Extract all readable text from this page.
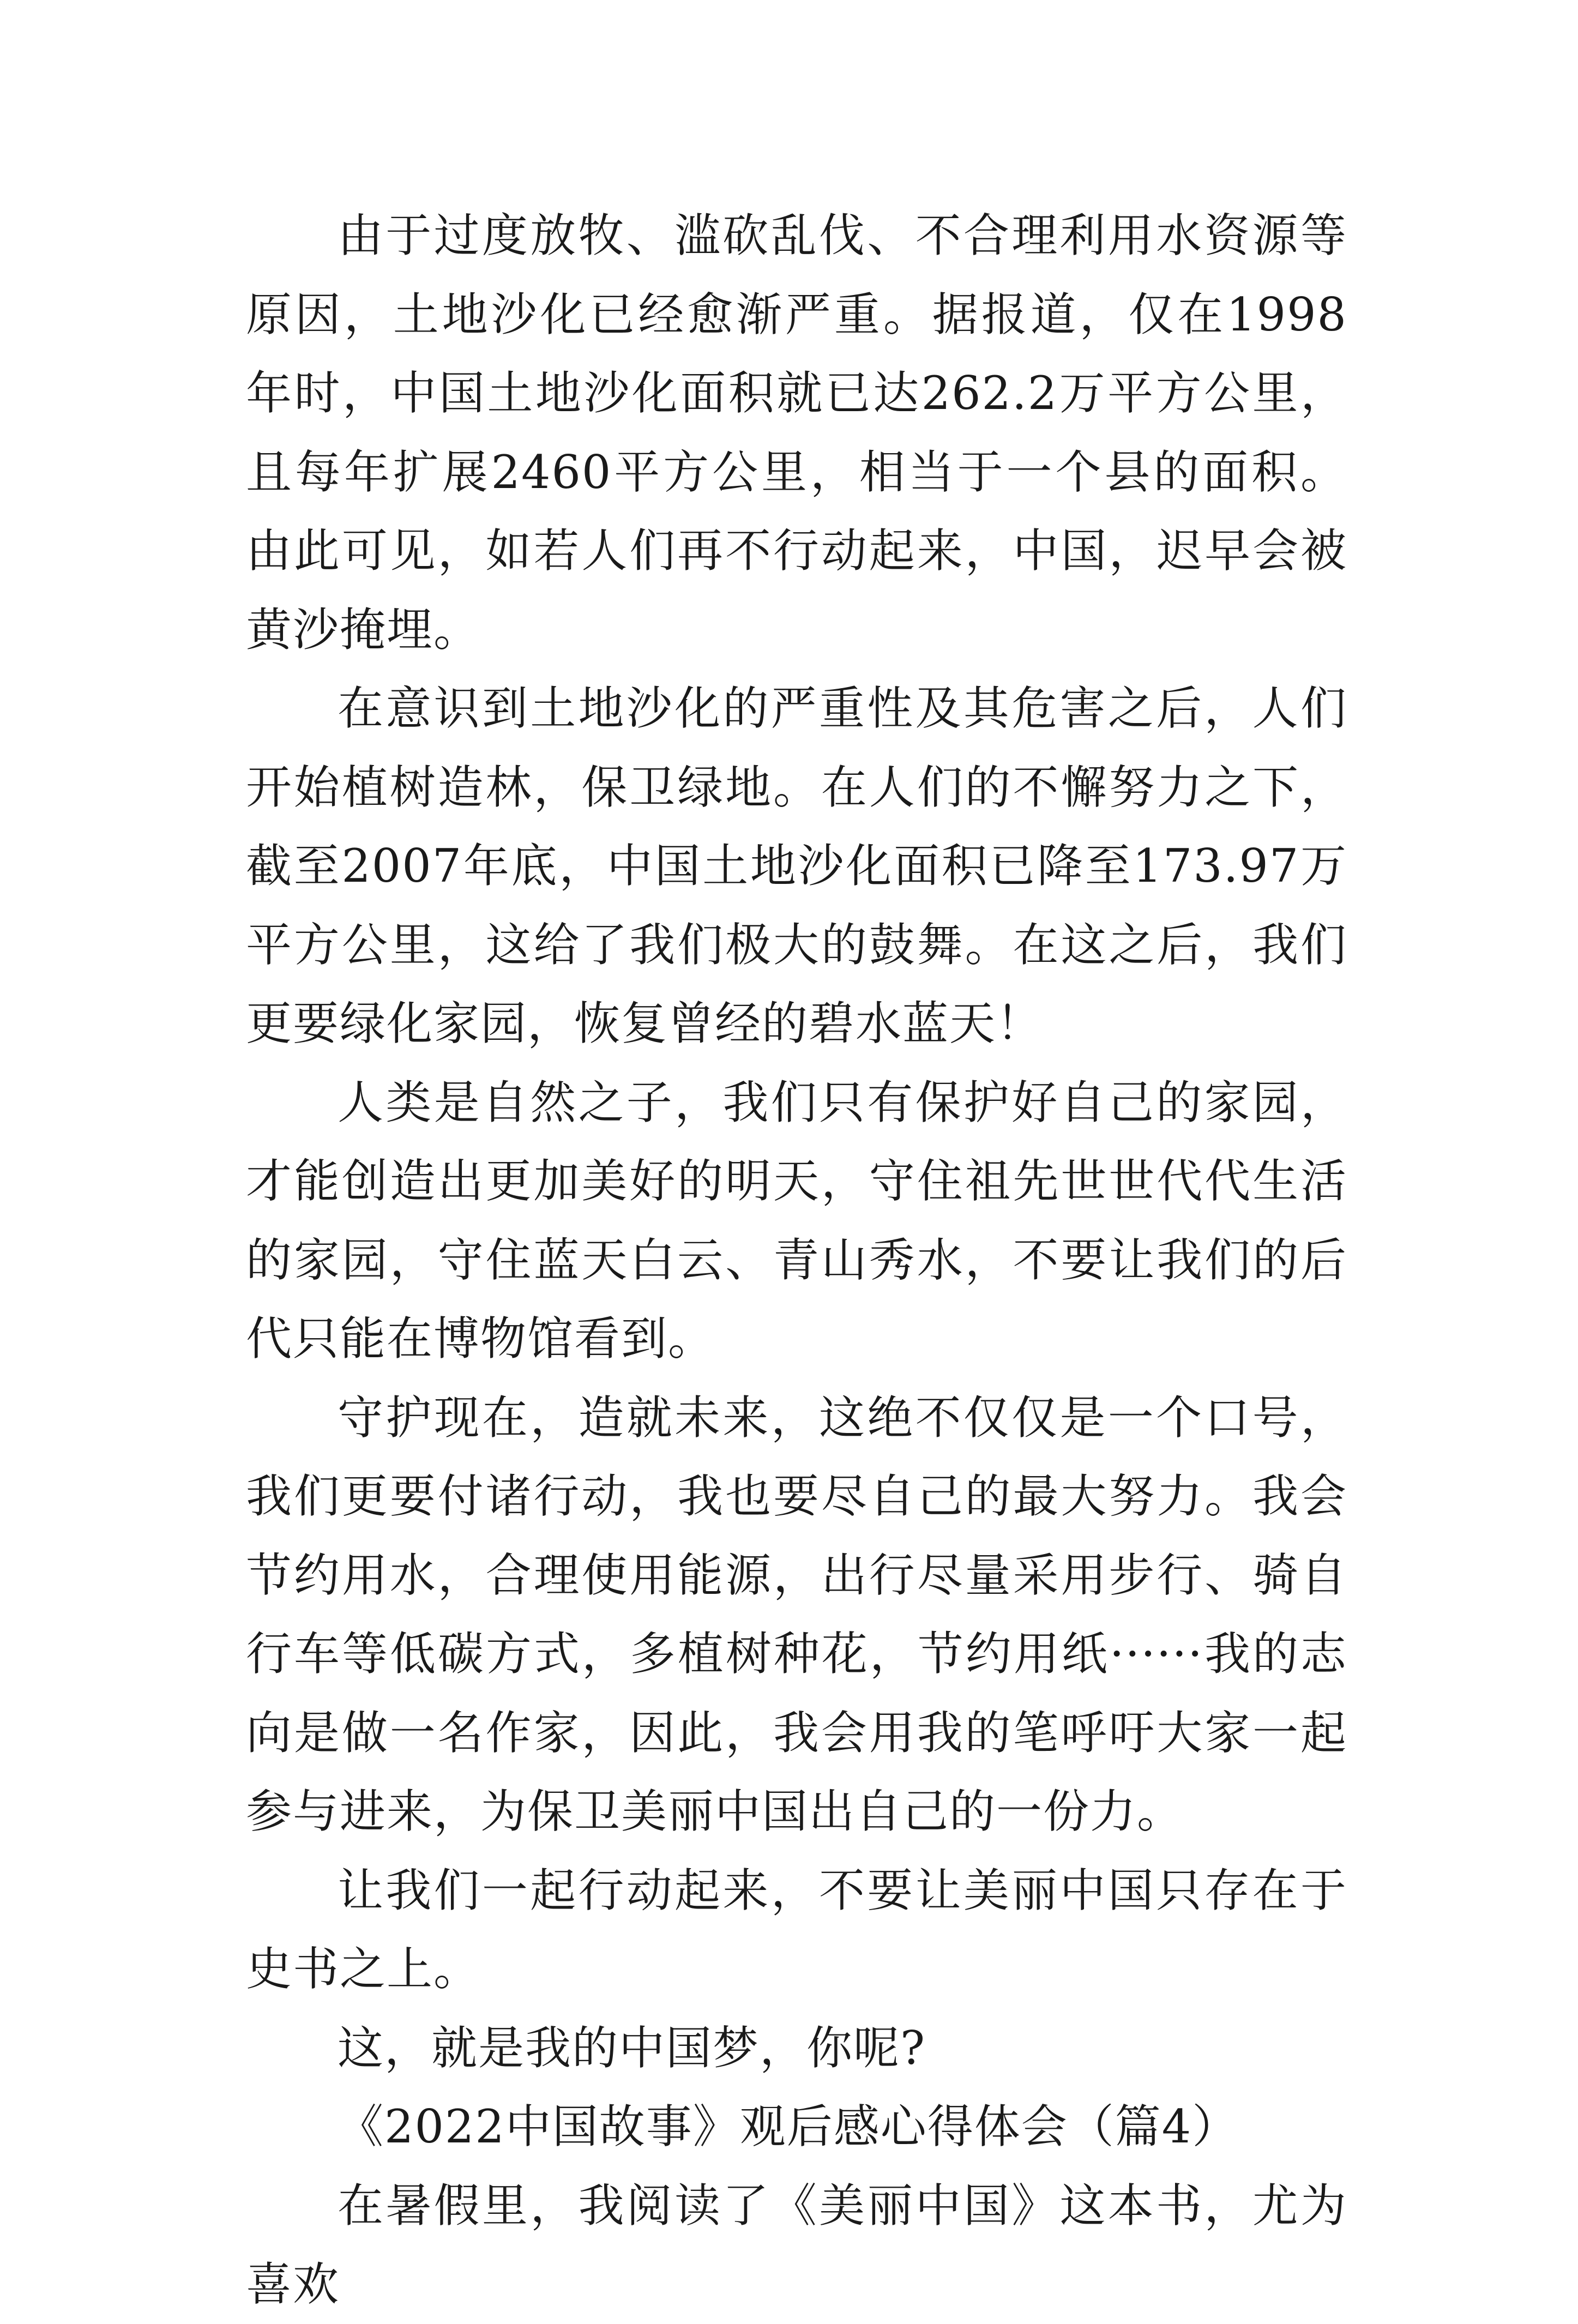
由于过度放牧、滥砍乱伐、不合理利用水资源等原因，土地沙化已经愈渐严重。据报道，仅在1998年时，中国土地沙化面积就已达262.2万平方公里，且每年扩展2460平方公里，相当于一个县的面积。由此可见，如若人们再不行动起来，中国，迟早会被黄沙掩埋。

在意识到土地沙化的严重性及其危害之后，人们开始植树造林，保卫绿地。在人们的不懈努力之下，截至2007年底，中国土地沙化面积已降至173.97万平方公里，这给了我们极大的鼓舞。在这之后，我们更要绿化家园，恢复曾经的碧水蓝天！

人类是自然之子，我们只有保护好自己的家园，才能创造出更加美好的明天，守住祖先世世代代生活的家园，守住蓝天白云、青山秀水，不要让我们的后代只能在博物馆看到。

守护现在，造就未来，这绝不仅仅是一个口号，我们更要付诸行动，我也要尽自己的最大努力。我会节约用水，合理使用能源，出行尽量采用步行、骑自行车等低碳方式，多植树种花，节约用纸······我的志向是做一名作家，因此，我会用我的笔呼吁大家一起参与进来，为保卫美丽中国出自己的一份力。

让我们一起行动起来，不要让美丽中国只存在于史书之上。

这，就是我的中国梦，你呢?

《2022中国故事》观后感心得体会（篇4）

在暑假里，我阅读了《美丽中国》这本书，尤为喜欢
